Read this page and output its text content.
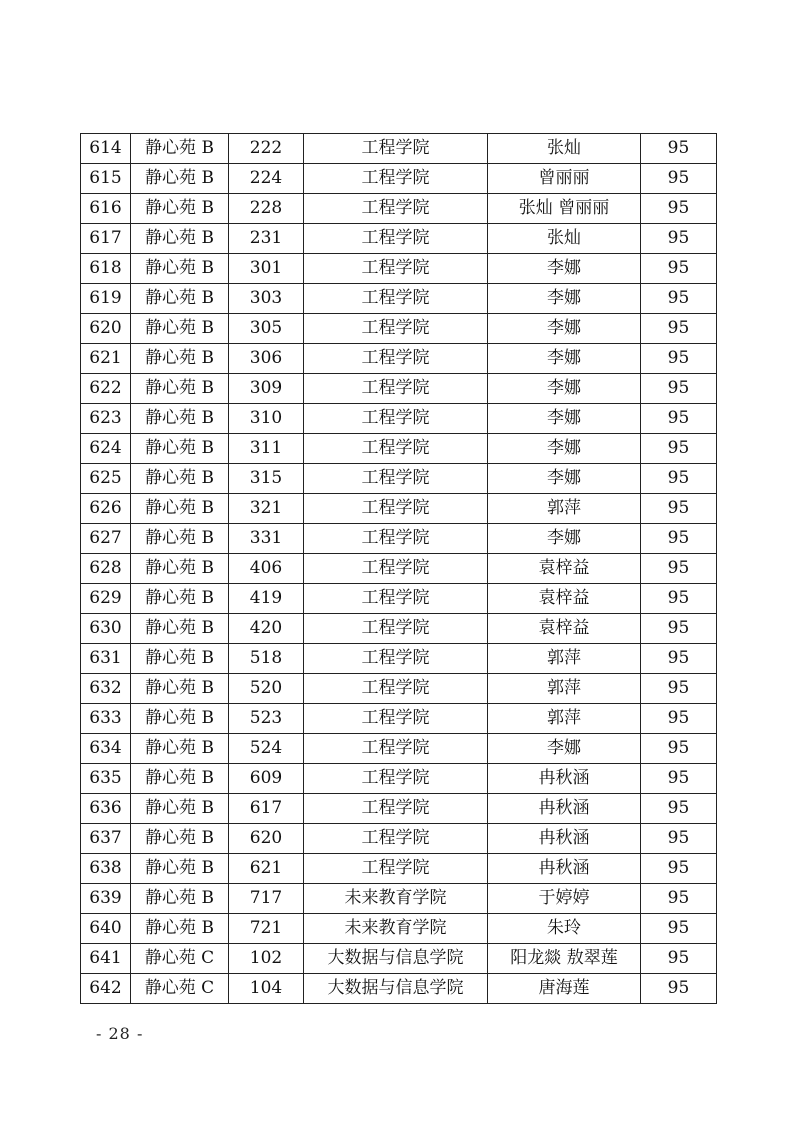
614	静心苑 B	222	工程学院	张灿	95
615	静心苑 B	224	工程学院	曾丽丽	95
616	静心苑 B	228	工程学院	张灿 曾丽丽	95
617	静心苑 B	231	工程学院	张灿	95
618	静心苑 B	301	工程学院	李娜	95
619	静心苑 B	303	工程学院	李娜	95
620	静心苑 B	305	工程学院	李娜	95
621	静心苑 B	306	工程学院	李娜	95
622	静心苑 B	309	工程学院	李娜	95
623	静心苑 B	310	工程学院	李娜	95
624	静心苑 B	311	工程学院	李娜	95
625	静心苑 B	315	工程学院	李娜	95
626	静心苑 B	321	工程学院	郭萍	95
627	静心苑 B	331	工程学院	李娜	95
628	静心苑 B	406	工程学院	袁梓益	95
629	静心苑 B	419	工程学院	袁梓益	95
630	静心苑 B	420	工程学院	袁梓益	95
631	静心苑 B	518	工程学院	郭萍	95
632	静心苑 B	520	工程学院	郭萍	95
633	静心苑 B	523	工程学院	郭萍	95
634	静心苑 B	524	工程学院	李娜	95
635	静心苑 B	609	工程学院	冉秋涵	95
636	静心苑 B	617	工程学院	冉秋涵	95
637	静心苑 B	620	工程学院	冉秋涵	95
638	静心苑 B	621	工程学院	冉秋涵	95
639	静心苑 B	717	未来教育学院	于婷婷	95
640	静心苑 B	721	未来教育学院	朱玲	95
641	静心苑 C	102	大数据与信息学院	阳龙燚 敖翠莲	95
642	静心苑 C	104	大数据与信息学院	唐海莲	95
- 28 -
